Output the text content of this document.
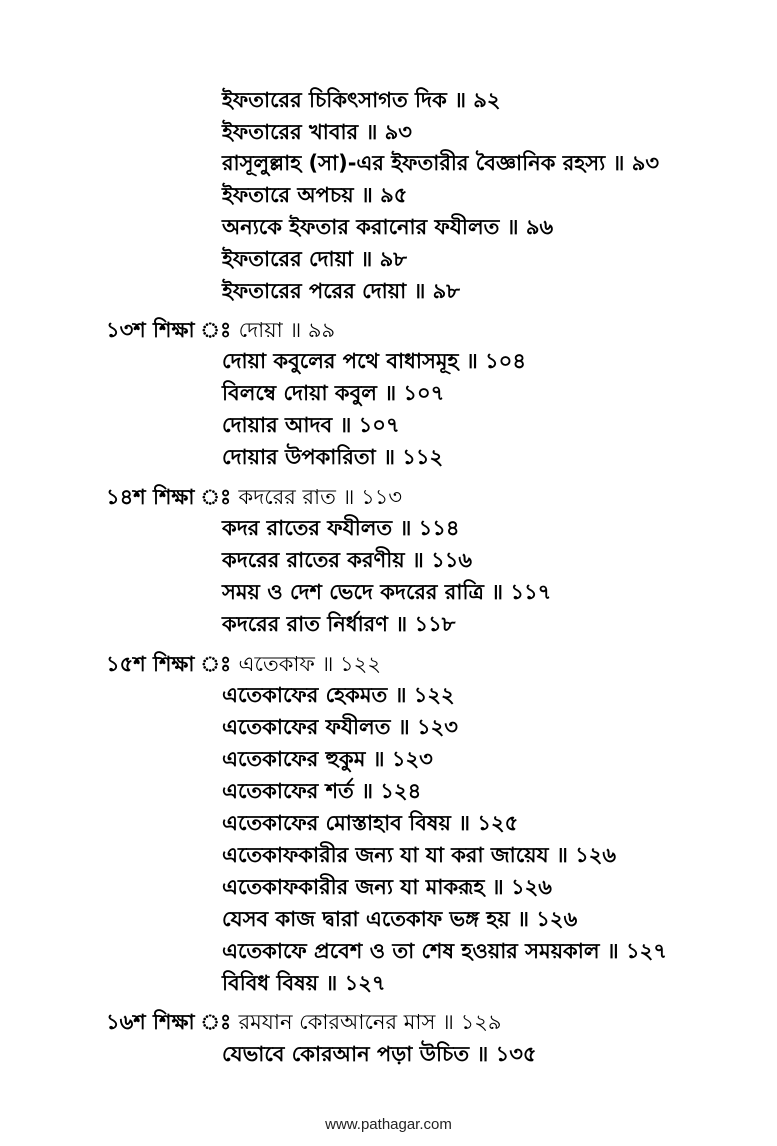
ইফতারের চিকিৎসাগত দিক ॥ ৯২
ইফতারের খাবার ॥ ৯৩
রাসূলুল্লাহ (সা)-এর ইফতারীর বৈজ্ঞানিক রহস্য ॥ ৯৩
ইফতারে অপচয় ॥ ৯৫
অন্যকে ইফতার করানোর ফযীলত ॥ ৯৬
ইফতারের দোয়া ॥ ৯৮
ইফতারের পরের দোয়া ॥ ৯৮
১৩শ শিক্ষা দোয়া ॥ ৯৯
দোয়া কবুলের পথে বাধাসমূহ ॥ ১০৪
বিলম্বে দোয়া কবুল ॥ ১০৭
দোয়ার আদব ॥ ১০৭
দোয়ার উপকারিতা ॥ ১১২
১৪শ শিক্ষা কদরের রাত ॥ ১১৩
কদর রাতের ফযীলত ॥ ১১৪
কদরের রাতের করণীয় ॥ ১১৬
সময় ও দেশ ভেদে কদরের রাত্রি ॥ ১১৭
কদরের রাত নির্ধারণ ॥ ১১৮
১৫শ শিক্ষা এতেকাফ ॥ ১২২
এতেকাফের হেকমত ॥ ১২২
এতেকাফের ফযীলত ॥ ১২৩
এতেকাফের হুকুম ॥ ১২৩
এতেকাফের শর্ত ॥ ১২৪
এতেকাফের মোস্তাহাব বিষয় ॥ ১২৫
এতেকাফকারীর জন্য যা যা করা জায়েয ॥ ১২৬
এতেকাফকারীর জন্য যা মাকরূহ ॥ ১২৬
যেসব কাজ দ্বারা এতেকাফ ভঙ্গ হয় ॥ ১২৬
এতেকাফে প্রবেশ ও তা শেষ হওয়ার সময়কাল ॥ ১২৭
বিবিধ বিষয় ॥ ১২৭
১৬শ শিক্ষা রমযান কোরআনের মাস ॥ ১২৯
যেভাবে কোরআন পড়া উচিত ॥ ১৩৫
www.pathagar.com
